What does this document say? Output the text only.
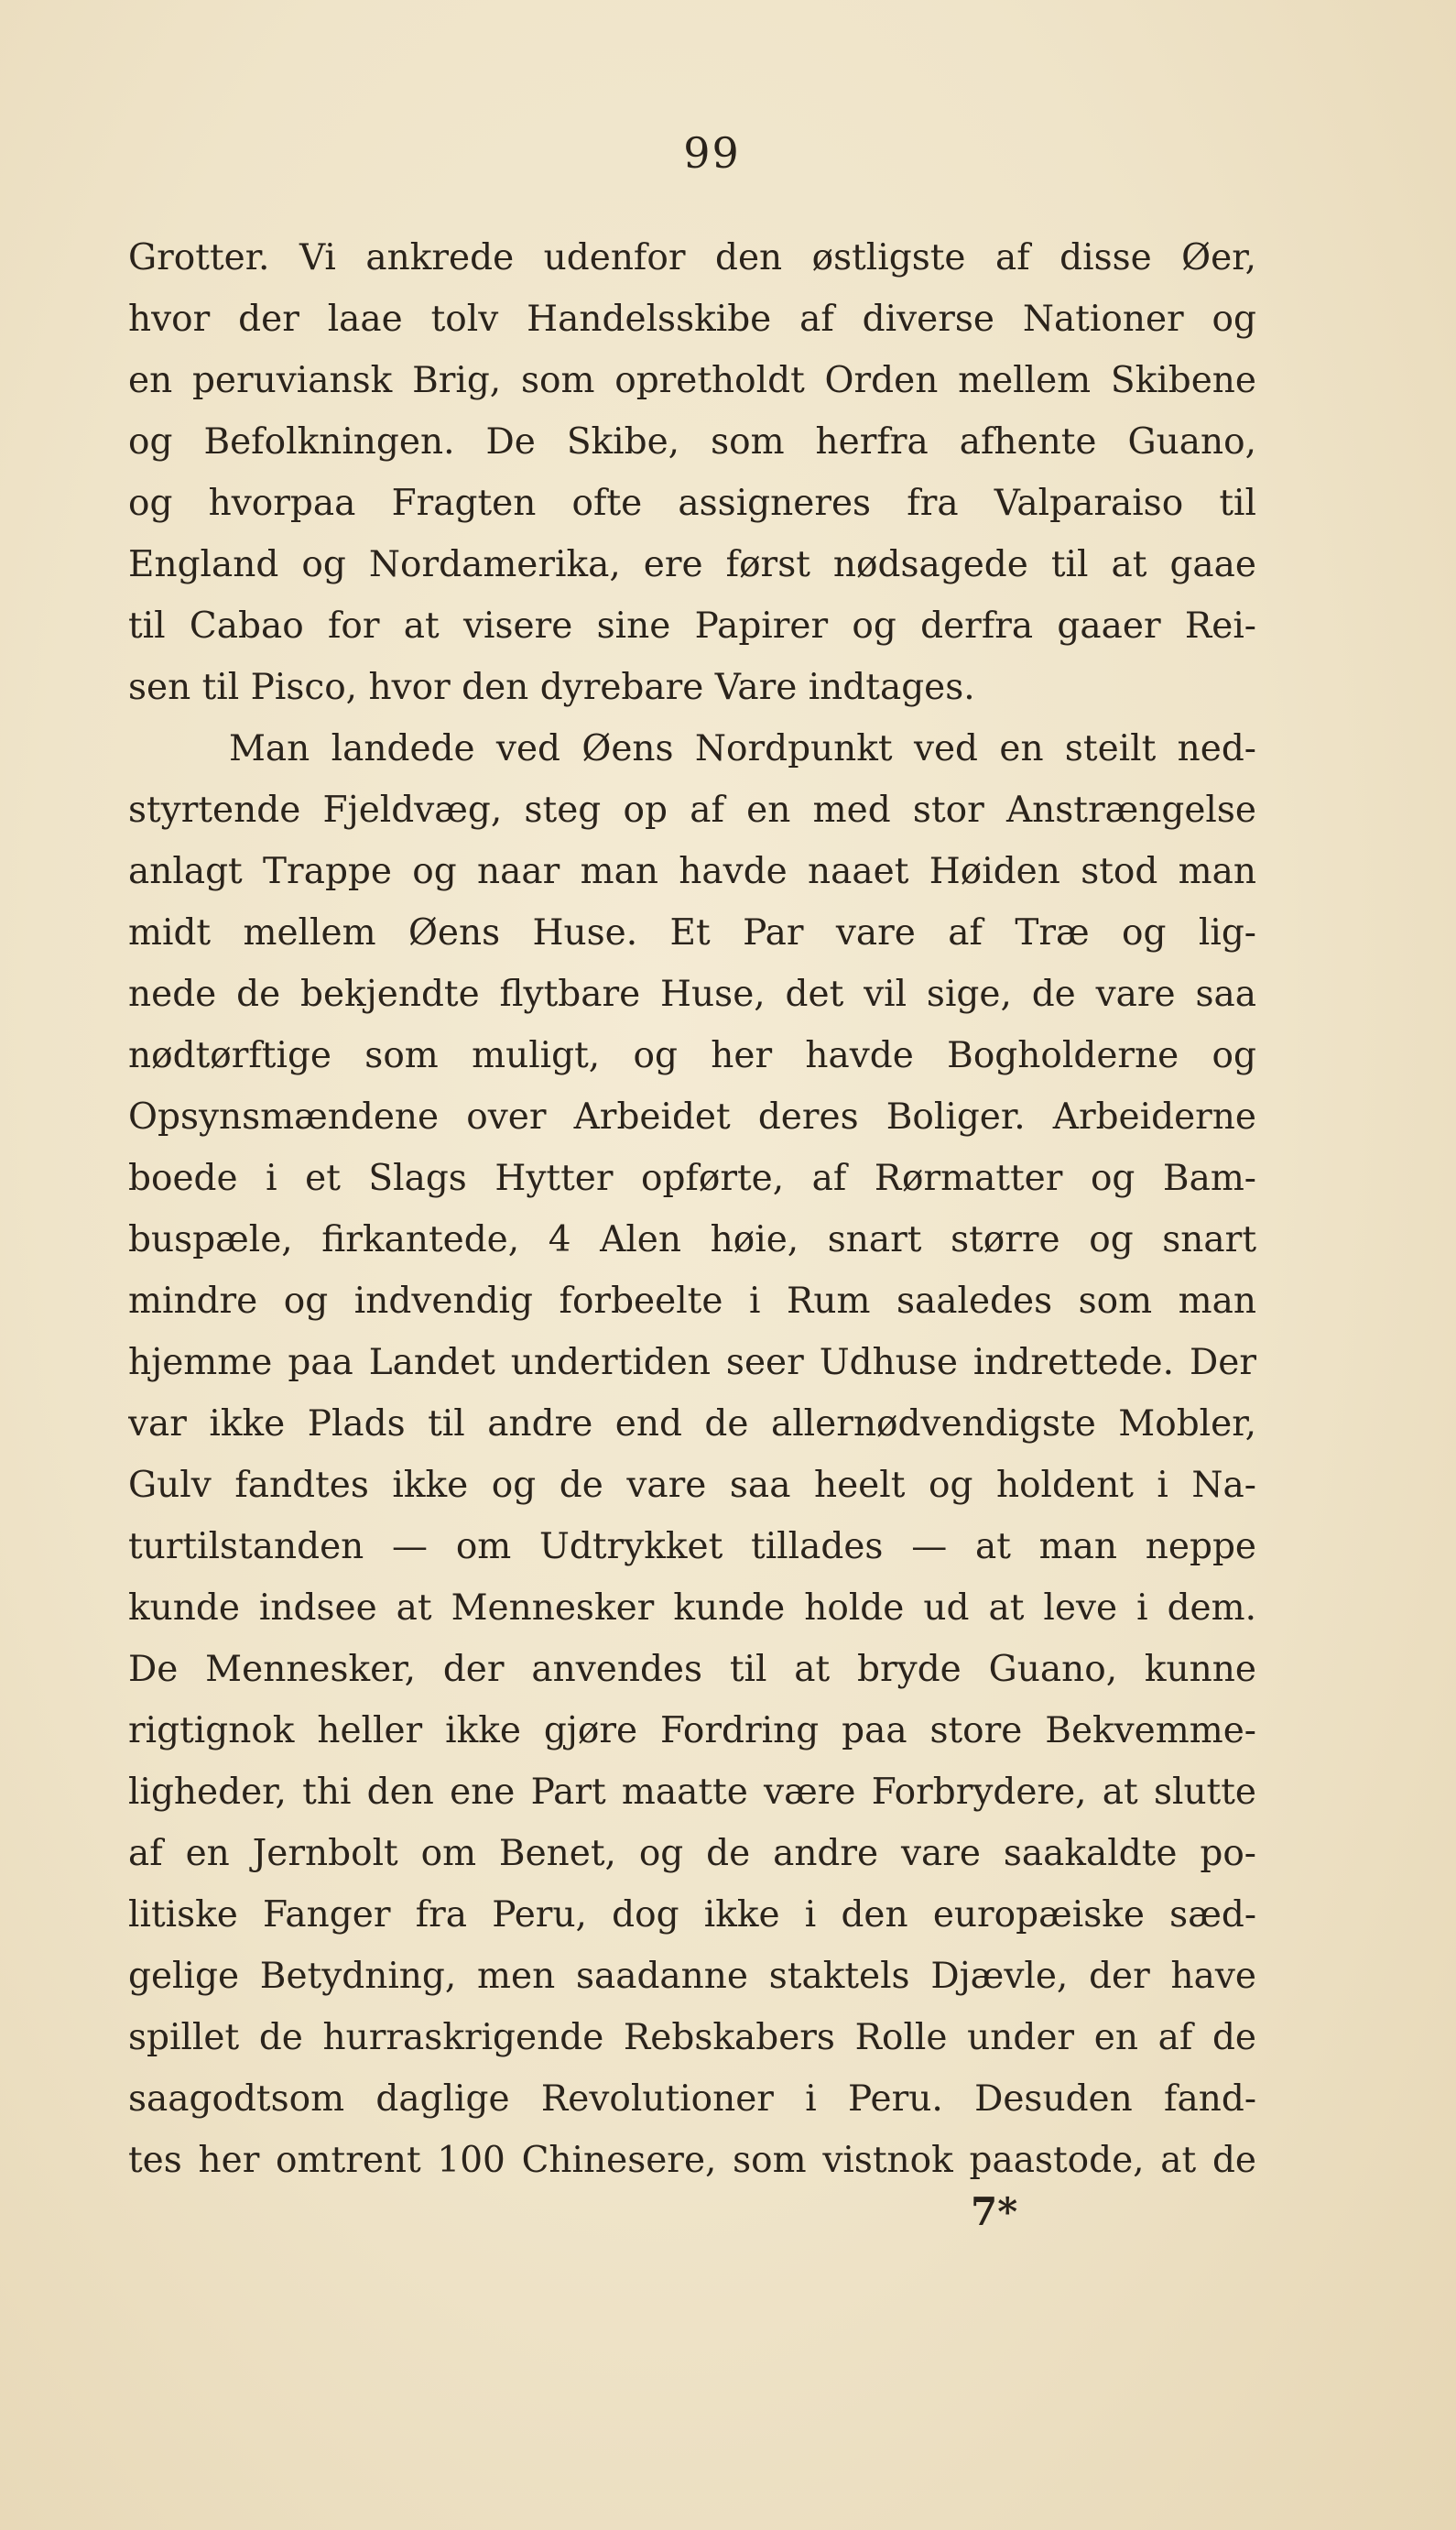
99
Grotter. Vi ankrede udenfor den østligste af disse Øer,
hvor der laae tolv Handelsskibe af diverse Nationer og
en peruviansk Brig, som opretholdt Orden mellem Skibene
og Befolkningen. De Skibe, som herfra afhente Guano,
og hvorpaa Fragten ofte assigneres fra Valparaiso til
England og Nordamerika, ere først nødsagede til at gaae
til Cabao for at visere sine Papirer og derfra gaaer Rei-
sen til Pisco, hvor den dyrebare Vare indtages.
Man landede ved Øens Nordpunkt ved en steilt ned-
styrtende Fjeldvæg, steg op af en med stor Anstrængelse
anlagt Trappe og naar man havde naaet Høiden stod man
midt mellem Øens Huse. Et Par vare af Træ og lig-
nede de bekjendte flytbare Huse, det vil sige, de vare saa
nødtørftige som muligt, og her havde Bogholderne og
Opsynsmændene over Arbeidet deres Boliger. Arbeiderne
boede i et Slags Hytter opførte, af Rørmatter og Bam-
buspæle, firkantede, 4 Alen høie, snart større og snart
mindre og indvendig forbeelte i Rum saaledes som man
hjemme paa Landet undertiden seer Udhuse indrettede. Der
var ikke Plads til andre end de allernødvendigste Mobler,
Gulv fandtes ikke og de vare saa heelt og holdent i Na-
turtilstanden — om Udtrykket tillades — at man neppe
kunde indsee at Mennesker kunde holde ud at leve i dem.
De Mennesker, der anvendes til at bryde Guano, kunne
rigtignok heller ikke gjøre Fordring paa store Bekvemme-
ligheder, thi den ene Part maatte være Forbrydere, at slutte
af en Jernbolt om Benet, og de andre vare saakaldte po-
litiske Fanger fra Peru, dog ikke i den europæiske sæd-
gelige Betydning, men saadanne staktels Djævle, der have
spillet de hurraskrigende Rebskabers Rolle under en af de
saagodtsom daglige Revolutioner i Peru. Desuden fand-
tes her omtrent 100 Chinesere, som vistnok paastode, at de
7*
